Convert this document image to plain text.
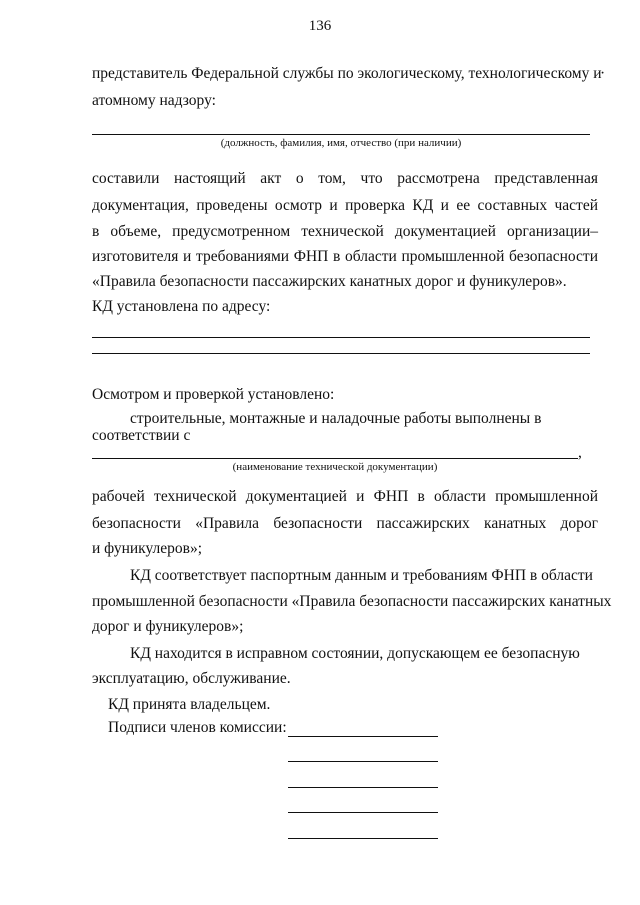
136
представитель Федеральной службы по экологическому, технологическому и
·
атомному надзору:
(должность, фамилия, имя, отчество (при наличии)
составили настоящий акт о том, что рассмотрена представленная
документация, проведены осмотр и проверка КД и ее составных частей
в объеме, предусмотренном технической документацией организации–
изготовителя и требованиями ФНП в области промышленной безопасности
«Правила безопасности пассажирских канатных дорог и фуникулеров».
КД установлена по адресу:
Осмотром и проверкой установлено:
строительные, монтажные и наладочные работы выполнены в
соответствии с
,
(наименование технической документации)
рабочей технической документацией и ФНП в области промышленной
безопасности «Правила безопасности пассажирских канатных дорог
и фуникулеров»;
КД соответствует паспортным данным и требованиям ФНП в области
промышленной безопасности «Правила безопасности пассажирских канатных
дорог и фуникулеров»;
КД находится в исправном состоянии, допускающем ее безопасную
эксплуатацию, обслуживание.
КД принята владельцем.
Подписи членов комиссии:
